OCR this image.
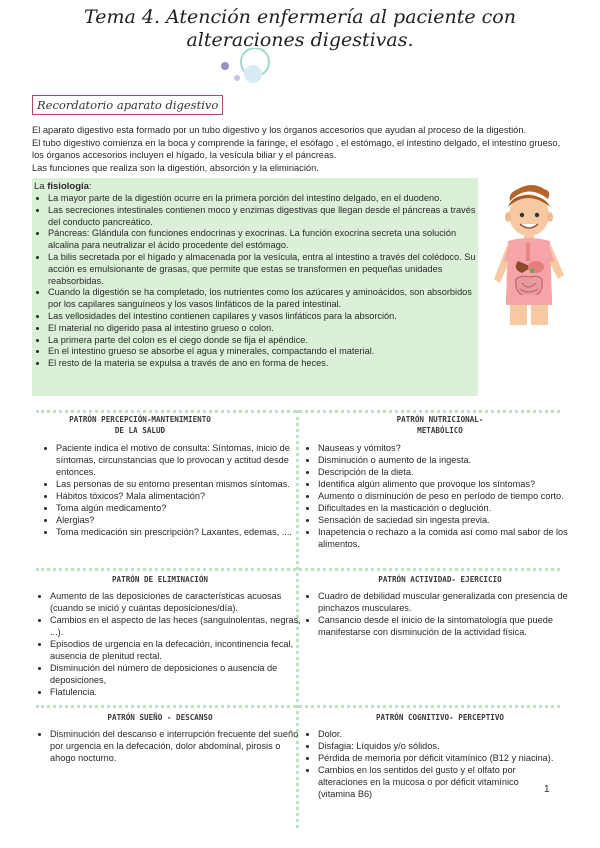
Tema 4. Atención enfermería al paciente con
alteraciones digestivas.
Recordatorio aparato digestivo

El aparato digestivo esta formado por un tubo digestivo y los órganos accesorios que ayudan al proceso de la digestión.

El tubo digestivo comienza en la boca y comprende la faringe, el esófago , el estómago, el intestino delgado, el intestino grueso, los órganos accesorios incluyen el hígado, la vesícula biliar y el páncreas.

Las funciones que realiza son la digestión, absorción y la eliminación.

La fisiología:
• La mayor parte de la digestión ocurre en la primera porción del intestino delgado, en el duodeno.
• Las secreciones intestinales contienen moco y enzimas digestivas que llegan desde el páncreas a través del conducto pancreático.
• Páncreas: Glándula con funciones endocrinas y exocrinas. La función exocrina secreta una solución alcalina para neutralizar el ácido procedente del estómago.
• La bilis secretada por el hígado y almacenada por la vesícula, entra al intestino a través del colédoco. Su acción es emulsionante de grasas, que permite que estas se transformen en pequeñas unidades reabsorbidas.
• Cuando la digestión se ha completado, los nutrientes como los azúcares y aminoácidos, son absorbidos por los capilares sanguíneos y los vasos linfáticos de la pared intestinal.
• Las vellosidades del intestino contienen capilares y vasos linfáticos para la absorción.
• El material no digerido pasa al intestino grueso o colon.
• La primera parte del colon es el ciego donde se fija el apéndice.
• En el intestino grueso se absorbe el agua y minerales, compactando el material.
• El resto de la materia se expulsa a través de ano en forma de heces.
PATRÓN PERCEPCIÓN-MANTENIMIENTO
DE LA SALUD
• Paciente indica el motivo de consulta: Síntomas, inicio de síntomas, circunstancias que lo provocan y actitud desde entonces.
• Las personas de su entorno presentan mismos síntomas.
• Hábitos tóxicos? Mala alimentación?
• Toma algún medicamento?
• Alergias?
• Toma medicación sin prescripción? Laxantes, edemas, ....
PATRÓN NUTRICIONAL-
METABÓLICO
• Nauseas y vómitos?
• Disminución o aumento de la ingesta.
• Descripción de la dieta.
• Identifica algún alimento que provoque los síntomas?
• Aumento o disminución de peso en período de tiempo corto.
• Dificultades en la masticación o deglución.
• Sensación de saciedad sin ingesta previa.
• Inapetencia o rechazo a la comida así como mal sabor de los alimentos.
PATRÓN DE ELIMINACIÓN
• Aumento de las deposiciones de características acuosas (cuando se inició y cuántas deposiciones/día).
• Cambios en el aspecto de las heces (sanguinolentas, negras, ...).
• Episodios de urgencia en la defecación, incontinencia fecal, ausencia de plenitud rectal.
• Disminución del número de deposiciones o ausencia de deposiciones,
• Flatulencia.
PATRÓN ACTIVIDAD- EJERCICIO
• Cuadro de debilidad muscular generalizada con presencia de pinchazos musculares.
• Cansancio desde el inicio de la sintomatología que puede manifestarse con disminución de la actividad física.
PATRÓN SUEÑO - DESCANSO
• Disminución del descanso e interrupción frecuente del sueño por urgencia en la defecación, dolor abdominal, pirosis o ahogo nocturno.
PATRÓN COGNITIVO- PERCEPTIVO
• Dolor.
• Disfagia: Líquidos y/o sólidos.
• Pérdida de memoria por déficit vitamínico (B12 y niacina).
• Cambios en los sentidos del gusto y el olfato por alteraciones en la mucosa o por déficit vitamínico (vitamina B6)	1
